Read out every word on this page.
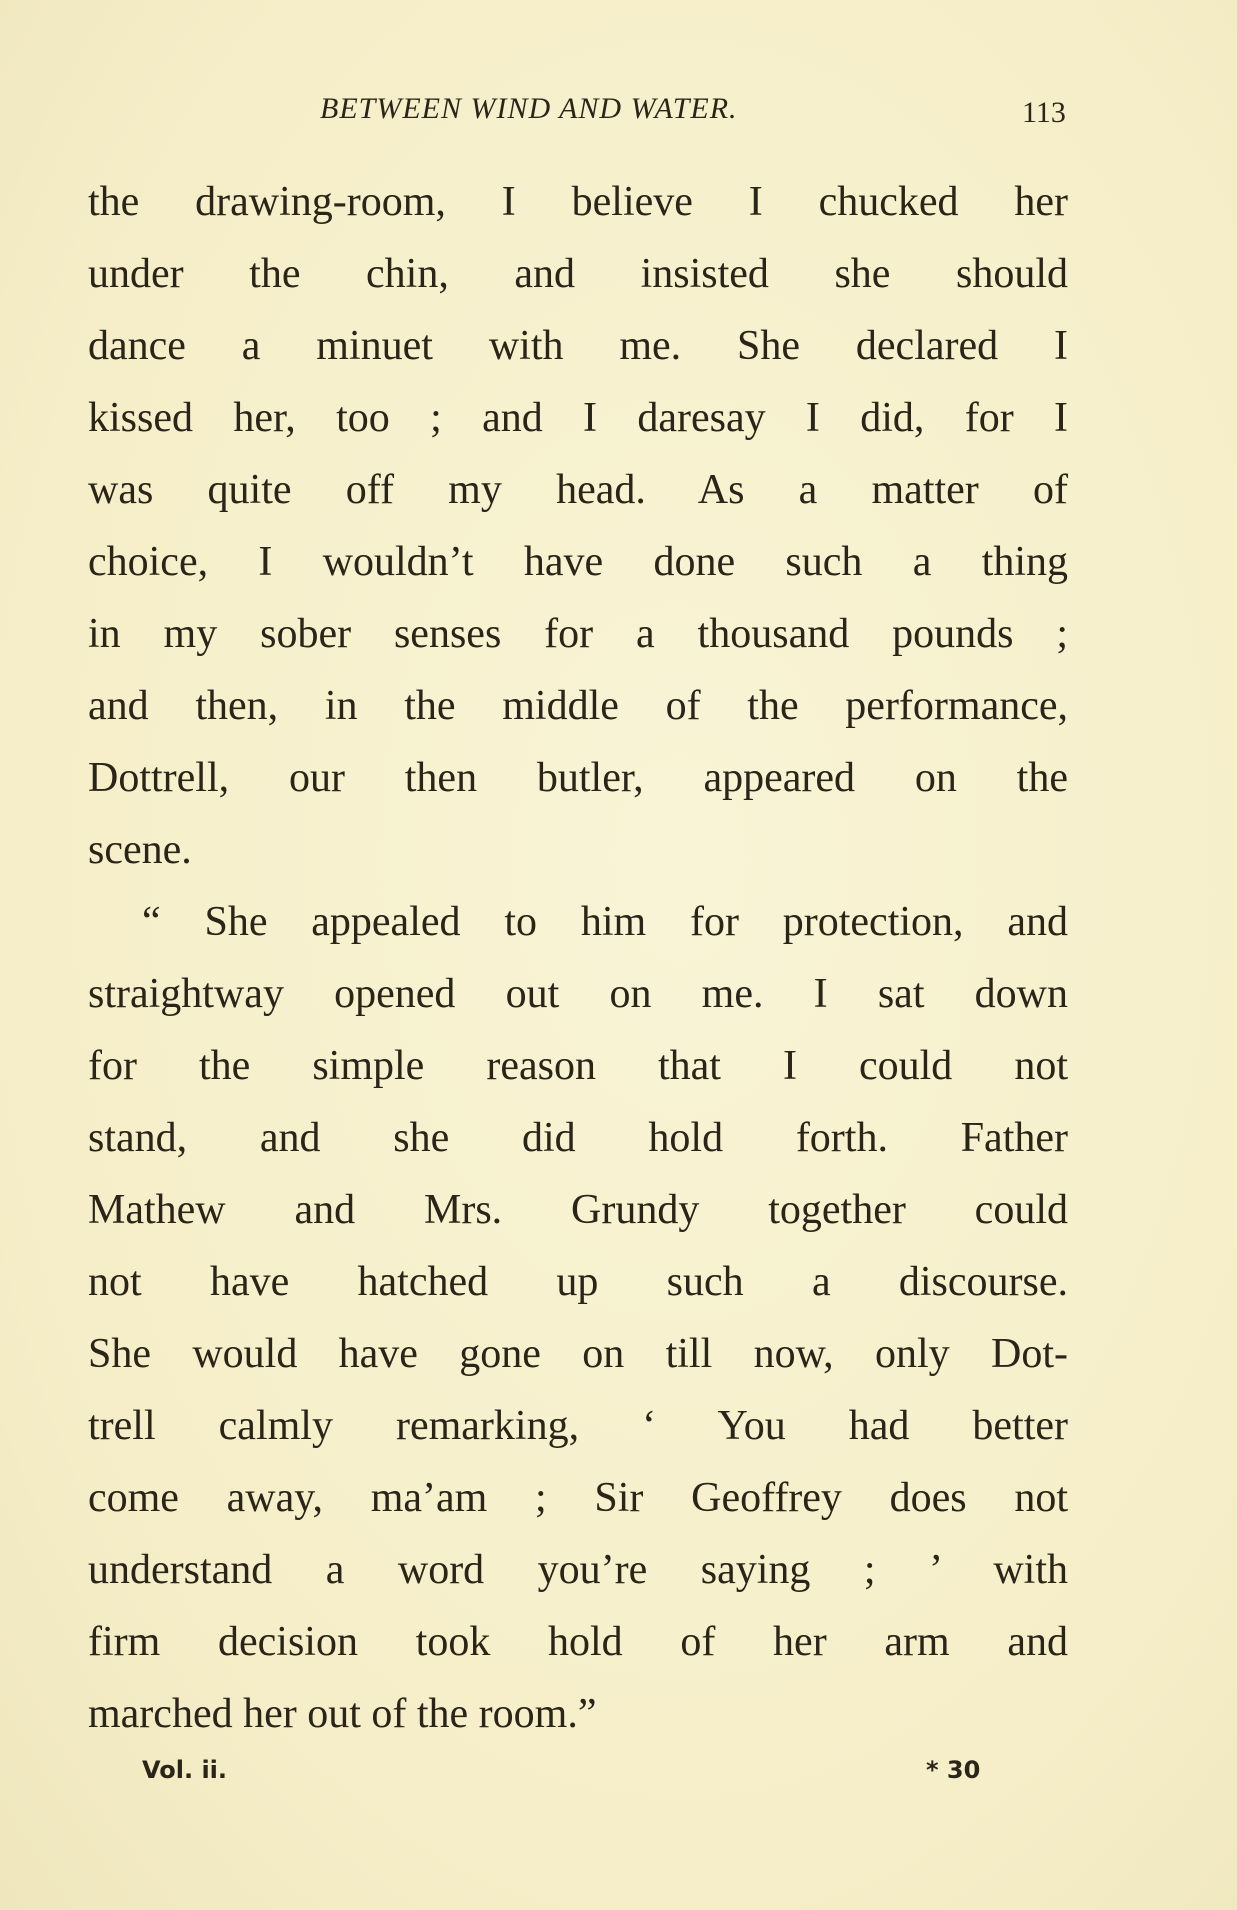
BETWEEN WIND AND WATER.	113
the drawing-room, I believe I chucked her
under the chin, and insisted she should
dance a minuet with me. She declared I
kissed her, too ; and I daresay I did, for I
was quite off my head. As a matter of
choice, I wouldn’t have done such a thing
in my sober senses for a thousand pounds ;
and then, in the middle of the performance,
Dottrell, our then butler, appeared on the
scene.
“ She appealed to him for protection, and
straightway opened out on me. I sat down
for the simple reason that I could not
stand, and she did hold forth. Father
Mathew and Mrs. Grundy together could
not have hatched up such a discourse.
She would have gone on till now, only Dot-
trell calmly remarking, ‘ You had better
come away, ma’am ; Sir Geoffrey does not
understand a word you’re saying ; ’ with
firm decision took hold of her arm and
marched her out of the room.”
Vol. ii.	* 30
